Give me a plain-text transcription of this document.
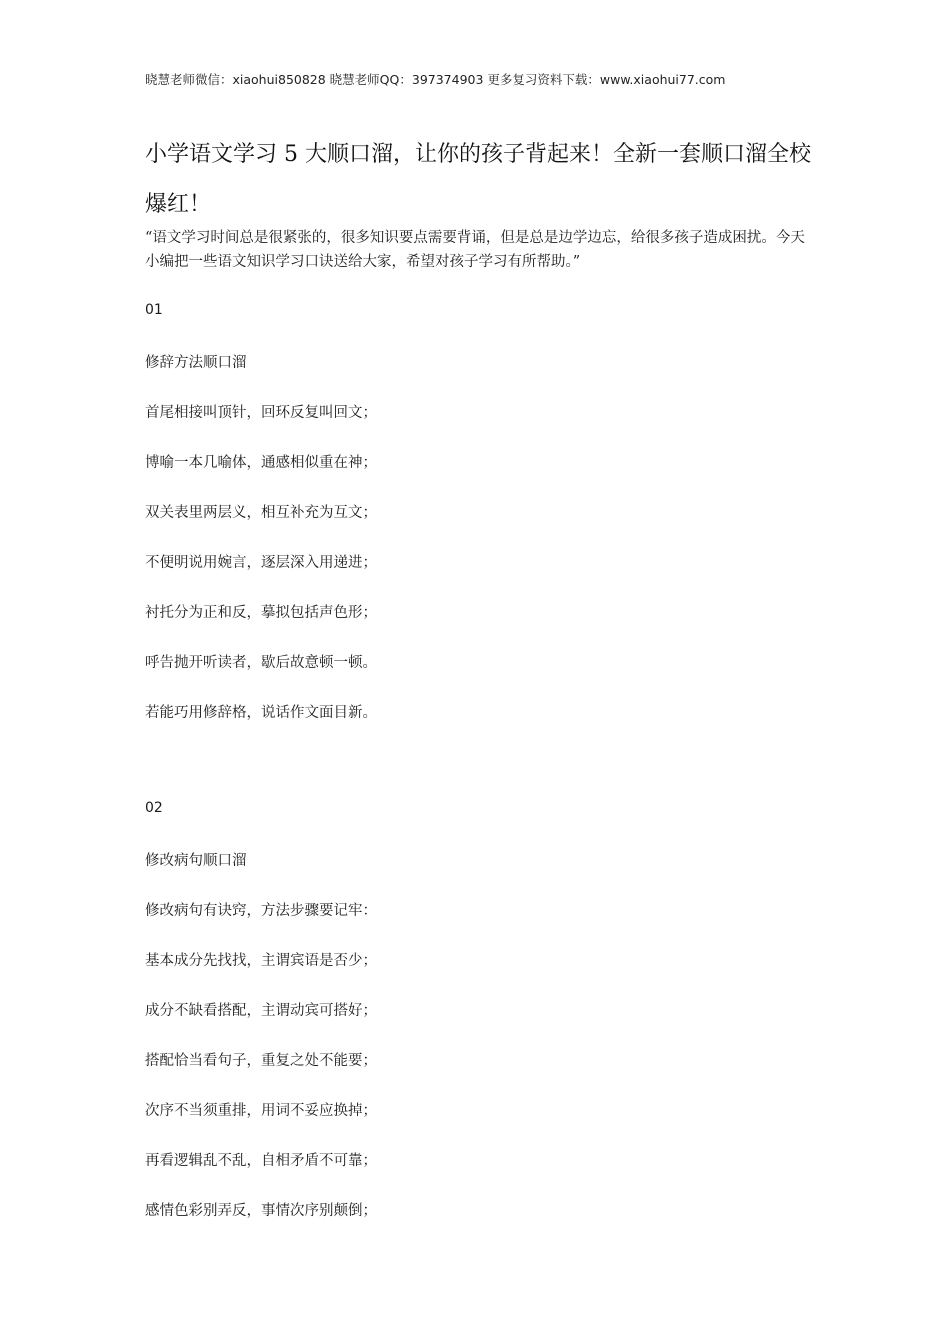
晓慧老师微信：xiaohui850828 晓慧老师QQ：397374903 更多复习资料下载：www.xiaohui77.com
小学语文学习 5 大顺口溜，让你的孩子背起来！全新一套顺口溜全校爆红！
“语文学习时间总是很紧张的，很多知识要点需要背诵，但是总是边学边忘，给很多孩子造成困扰。今天小编把一些语文知识学习口诀送给大家，希望对孩子学习有所帮助。”
01
修辞方法顺口溜
首尾相接叫顶针，回环反复叫回文；
博喻一本几喻体，通感相似重在神；
双关表里两层义，相互补充为互文；
不便明说用婉言，逐层深入用递进；
衬托分为正和反，摹拟包括声色形；
呼告抛开听读者，歇后故意顿一顿。
若能巧用修辞格，说话作文面目新。
02
修改病句顺口溜
修改病句有诀窍，方法步骤要记牢：
基本成分先找找，主谓宾语是否少；
成分不缺看搭配，主谓动宾可搭好；
搭配恰当看句子，重复之处不能要；
次序不当须重排，用词不妥应换掉；
再看逻辑乱不乱，自相矛盾不可靠；
感情色彩别弄反，事情次序别颠倒；
